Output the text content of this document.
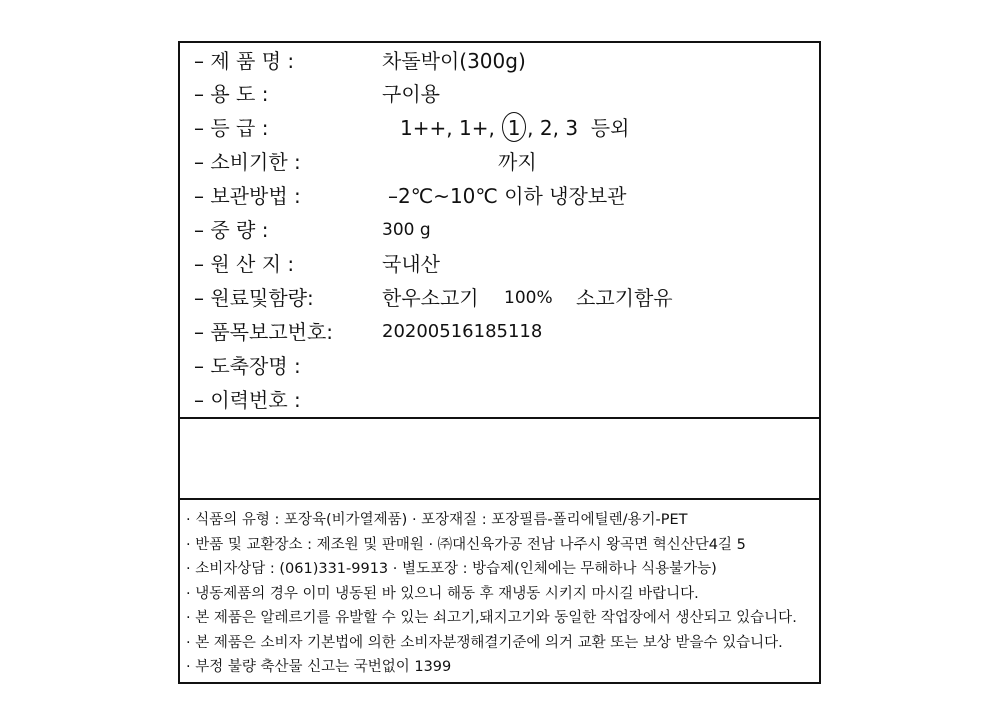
– 제 품 명 :	차돌박이(300g)
– 용 도 :	구이용
– 등 급 :	1++, 1+, 1 , 2, 3 등외
– 소비기한 :	까지
– 보관방법 :	–2℃~10℃ 이하 냉장보관
– 중 량 :	300 g
– 원 산 지 :	국내산
– 원료및함량:	한우소고기 100% 소고기함유
– 품목보고번호:	20200516185118
– 도축장명 :
– 이력번호 :
· 식품의 유형 : 포장육(비가열제품) · 포장재질 : 포장필름-폴리에틸렌/용기-PET
· 반품 및 교환장소 : 제조원 및 판매원 · ㈜대신육가공 전남 나주시 왕곡면 혁신산단4길 5
· 소비자상담 : (061)331-9913 · 별도포장 : 방습제(인체에는 무해하나 식용불가능)
· 냉동제품의 경우 이미 냉동된 바 있으니 해동 후 재냉동 시키지 마시길 바랍니다.
· 본 제품은 알레르기를 유발할 수 있는 쇠고기,돼지고기와 동일한 작업장에서 생산되고 있습니다.
· 본 제품은 소비자 기본법에 의한 소비자분쟁해결기준에 의거 교환 또는 보상 받을수 있습니다.
· 부정 불량 축산물 신고는 국번없이 1399
